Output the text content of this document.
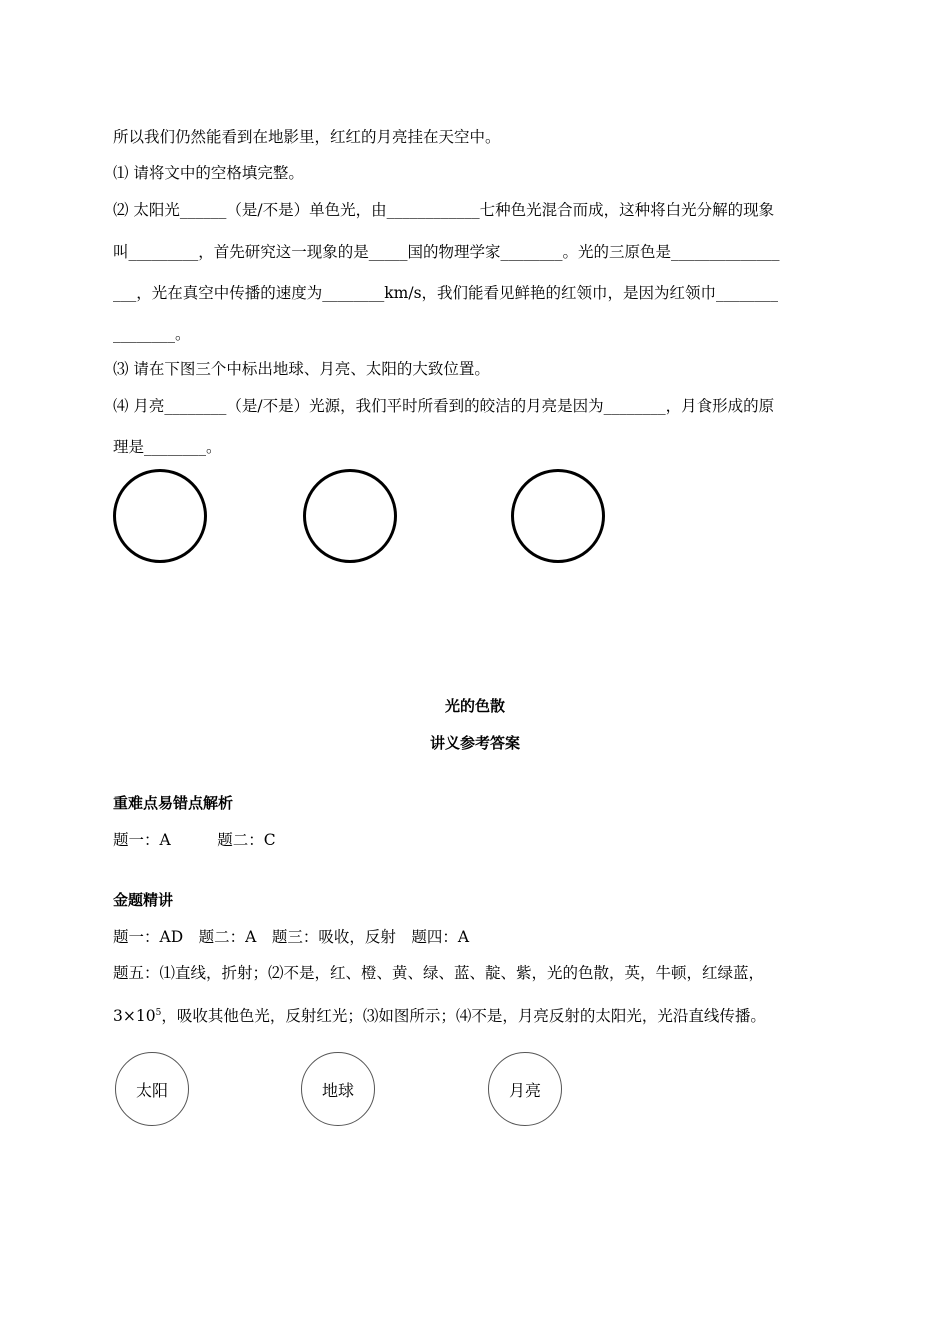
所以我们仍然能看到在地影里，红红的月亮挂在天空中。
⑴ 请将文中的空格填完整。
⑵ 太阳光______（是/不是）单色光，由____________七种色光混合而成，这种将白光分解的现象
叫_________，首先研究这一现象的是_____国的物理学家________。光的三原色是______________
___，光在真空中传播的速度为________km/s，我们能看见鲜艳的红领巾，是因为红领巾________
________。
⑶ 请在下图三个中标出地球、月亮、太阳的大致位置。
⑷ 月亮________（是/不是）光源，我们平时所看到的皎洁的月亮是因为________，月食形成的原
理是________。
光的色散
讲义参考答案
重难点易错点解析
题一：A　　　题二：C
金题精讲
题一：AD　题二：A　题三：吸收，反射　题四：A
题五：⑴直线，折射；⑵不是，红、橙、黄、绿、蓝、靛、紫，光的色散，英，牛顿，红绿蓝，
$3\times 10^5$，吸收其他色光，反射红光；⑶如图所示；⑷不是，月亮反射的太阳光，光沿直线传播。
太阳	地球	月亮
